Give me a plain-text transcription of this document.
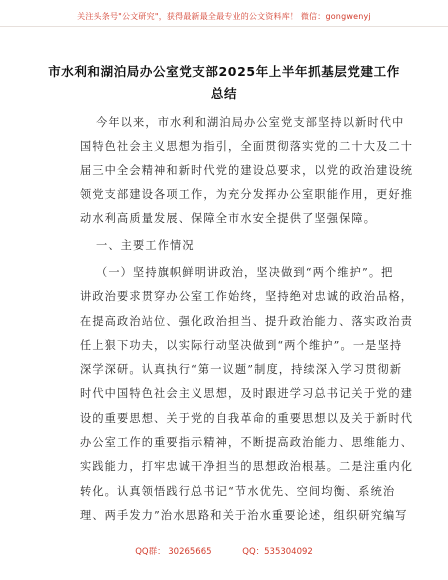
关注头条号"公文研究"，获得最新最全最专业的公文资料库！ 微信：gongwenyj
市水利和湖泊局办公室党支部2025年上半年抓基层党建工作
总结
今年以来，市水利和湖泊局办公室党支部坚持以新时代中
国特色社会主义思想为指引，全面贯彻落实党的二十大及二十
届三中全会精神和新时代党的建设总要求，以党的政治建设统
领党支部建设各项工作，为充分发挥办公室职能作用，更好推
动水利高质量发展、保障全市水安全提供了坚强保障。
一、主要工作情况
（一）坚持旗帜鲜明讲政治，坚决做到“两个维护”。把
讲政治要求贯穿办公室工作始终，坚持绝对忠诚的政治品格，
在提高政治站位、强化政治担当、提升政治能力、落实政治责
任上狠下功夫，以实际行动坚决做到“两个维护”。一是坚持
深学深研。认真执行“第一议题”制度，持续深入学习贯彻新
时代中国特色社会主义思想，及时跟进学习总书记关于党的建
设的重要思想、关于党的自我革命的重要思想以及关于新时代
办公室工作的重要指示精神，不断提高政治能力、思维能力、
实践能力，打牢忠诚干净担当的思想政治根基。二是注重内化
转化。认真领悟践行总书记“节水优先、空间均衡、系统治
理、两手发力”治水思路和关于治水重要论述，组织研究编写
QQ群： 30265665	QQ：535304092
